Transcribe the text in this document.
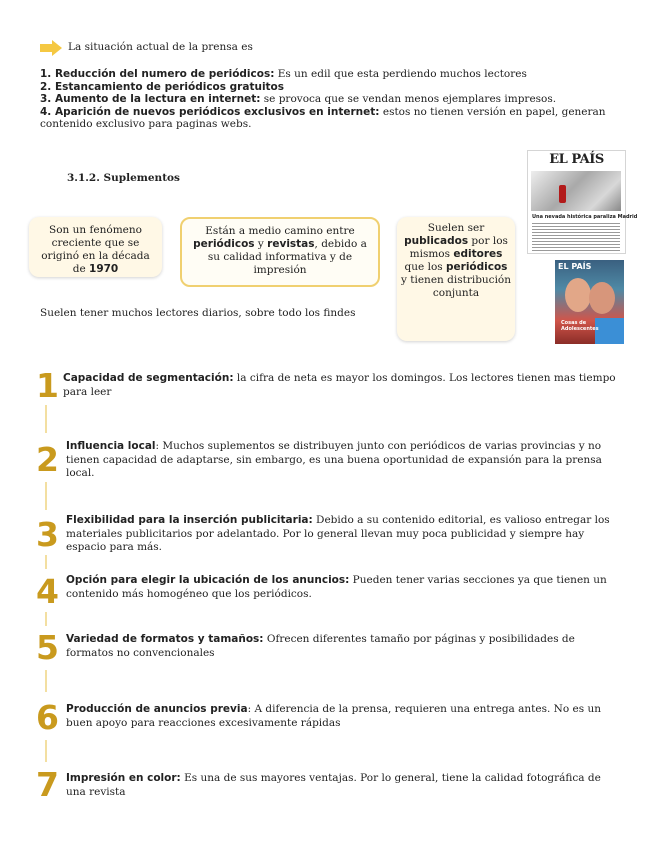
La situación actual de la prensa es
1. Reducción del numero de periódicos: Es un edil que esta perdiendo muchos lectores
2. Estancamiento de periódicos gratuitos
3. Aumento de la lectura en internet: se provoca que se vendan menos ejemplares impresos.
4. Aparición de nuevos periódicos exclusivos en internet: estos no tienen versión en papel, generan contenido exclusivo para paginas webs.
3.1.2. Suplementos
Son un fenómeno creciente que se originó en la década de 1970
Están a medio camino entre periódicos y revistas, debido a su calidad informativa y de impresión
Suelen ser publicados por los mismos editores que los periódicos y tienen distribución conjunta
Suelen tener muchos lectores diarios, sobre todo los findes
EL PAÍS
Una nevada histórica paraliza Madrid
EL PAÍS
Cosas de Adolescentes
1
2
3
4
5
6
7
Capacidad de segmentación: la cifra de neta es mayor los domingos. Los lectores tienen mas tiempo para leer
Influencia local: Muchos suplementos se distribuyen junto con periódicos de varias provincias y no tienen capacidad de adaptarse, sin embargo, es una buena oportunidad de expansión para la prensa local.
Flexibilidad para la inserción publicitaria: Debido a su contenido editorial, es valioso entregar los materiales publicitarios por adelantado. Por lo general llevan muy poca publicidad y siempre hay espacio para más.
Opción para elegir la ubicación de los anuncios: Pueden tener varias secciones ya que tienen un contenido más homogéneo que los periódicos.
Variedad de formatos y tamaños: Ofrecen diferentes tamaño por páginas y posibilidades de formatos no convencionales
Producción de anuncios previa: A diferencia de la prensa, requieren una entrega antes. No es un buen apoyo para reacciones excesivamente rápidas
Impresión en color: Es una de sus mayores ventajas. Por lo general, tiene la calidad fotográfica de una revista
